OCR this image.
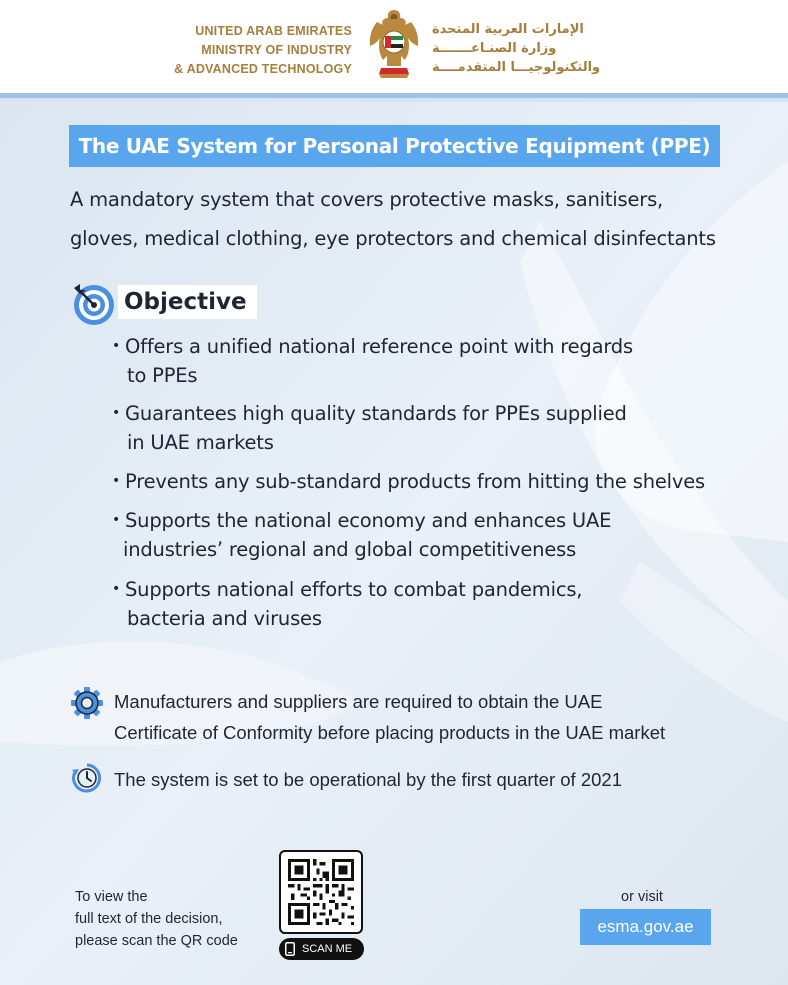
UNITED ARAB EMIRATES
MINISTRY OF INDUSTRY
& ADVANCED TECHNOLOGY
الإمارات العربية المتحدة
وزارة الصنـاعـــــــة
والتكنولوجيـــا المتقدمــــة
The UAE System for Personal Protective Equipment (PPE)
A mandatory system that covers protective masks, sanitisers,
gloves, medical clothing, eye protectors and chemical disinfectants
Objective
• Offers a unified national reference point with regards
to PPEs
• Guarantees high quality standards for PPEs supplied
in UAE markets
• Prevents any sub-standard products from hitting the shelves
• Supports the national economy and enhances UAE
industries’ regional and global competitiveness
• Supports national efforts to combat pandemics,
bacteria and viruses
Manufacturers and suppliers are required to obtain the UAE
Certificate of Conformity before placing products in the UAE market
The system is set to be operational by the first quarter of 2021
To view the
full text of the decision,
please scan the QR code	SCAN ME
or visit
esma.gov.ae
